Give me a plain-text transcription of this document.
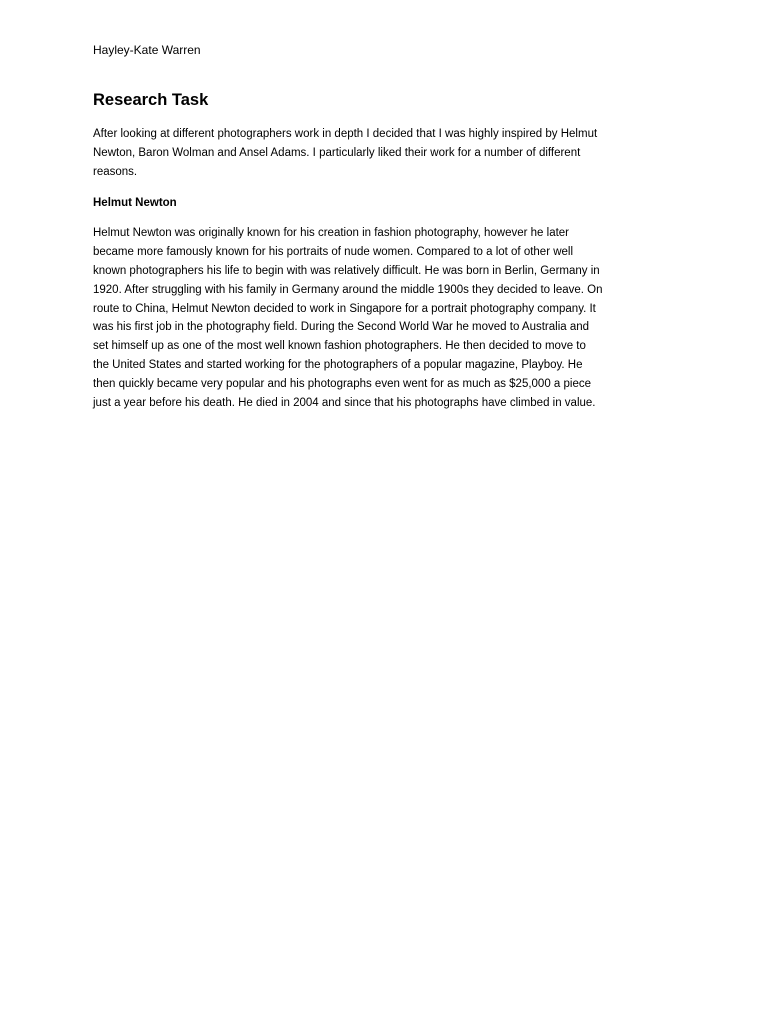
Hayley-Kate Warren
Research Task
After looking at different photographers work in depth I decided that I was highly inspired by Helmut
Newton, Baron Wolman and Ansel Adams. I particularly liked their work for a number of different
reasons.
Helmut Newton
Helmut Newton was originally known for his creation in fashion photography, however he later
became more famously known for his portraits of nude women. Compared to a lot of other well
known photographers his life to begin with was relatively difficult. He was born in Berlin, Germany in
1920. After struggling with his family in Germany around the middle 1900s they decided to leave. On
route to China, Helmut Newton decided to work in Singapore for a portrait photography company. It
was his first job in the photography field. During the Second World War he moved to Australia and
set himself up as one of the most well known fashion photographers. He then decided to move to
the United States and started working for the photographers of a popular magazine, Playboy. He
then quickly became very popular and his photographs even went for as much as $25,000 a piece
just a year before his death. He died in 2004 and since that his photographs have climbed in value.
